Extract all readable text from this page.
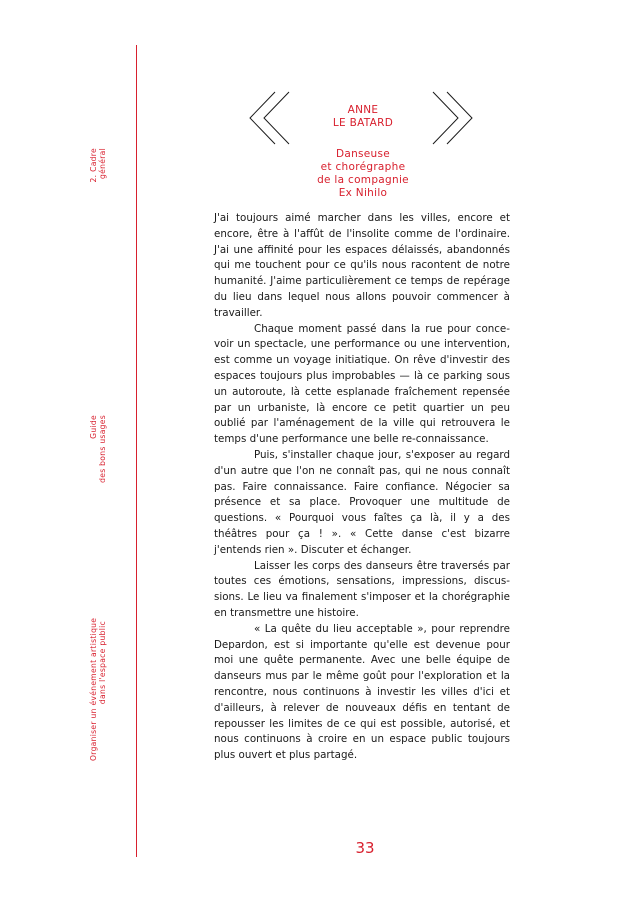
2. Cadre général
Guide des bons usages
Organiser un événement artistique dans l'espace public
ANNE
LE BATARD
Danseuse
et chorégraphe
de la compagnie
Ex Nihilo

J'ai toujours aimé marcher dans les villes, encore et encore, être à l'affût de l'insolite comme de l'ordinaire. J'ai une affinité pour les espaces délaissés, abandonnés qui me touchent pour ce qu'ils nous racontent de notre humanité. J'aime particulièrement ce temps de repérage du lieu dans lequel nous allons pouvoir commencer à travailler.

Chaque moment passé dans la rue pour concevoir un spectacle, une performance ou une intervention, est comme un voyage initiatique. On rêve d'investir des espaces toujours plus improbables — là ce parking sous un autoroute, là cette esplanade fraîchement repensée par un urbaniste, là encore ce petit quartier un peu oublié par l'aménagement de la ville qui retrouvera le temps d'une performance une belle re-connaissance.

Puis, s'installer chaque jour, s'exposer au regard d'un autre que l'on ne connaît pas, qui ne nous connaît pas. Faire connaissance. Faire confiance. Négocier sa présence et sa place. Provoquer une multitude de questions. « Pourquoi vous faîtes ça là, il y a des théâtres pour ça ! ». « Cette danse c'est bizarre j'entends rien ». Discuter et échanger.

Laisser les corps des danseurs être traversés par toutes ces émotions, sensations, impressions, discussions. Le lieu va finalement s'imposer et la chorégraphie en transmettre une histoire.

« La quête du lieu acceptable », pour reprendre Depardon, est si importante qu'elle est devenue pour moi une quête permanente. Avec une belle équipe de danseurs mus par le même goût pour l'exploration et la rencontre, nous continuons à investir les villes d'ici et d'ailleurs, à relever de nouveaux défis en tentant de repousser les limites de ce qui est possible, autorisé, et nous continuons à croire en un espace public toujours plus ouvert et plus partagé.

33
